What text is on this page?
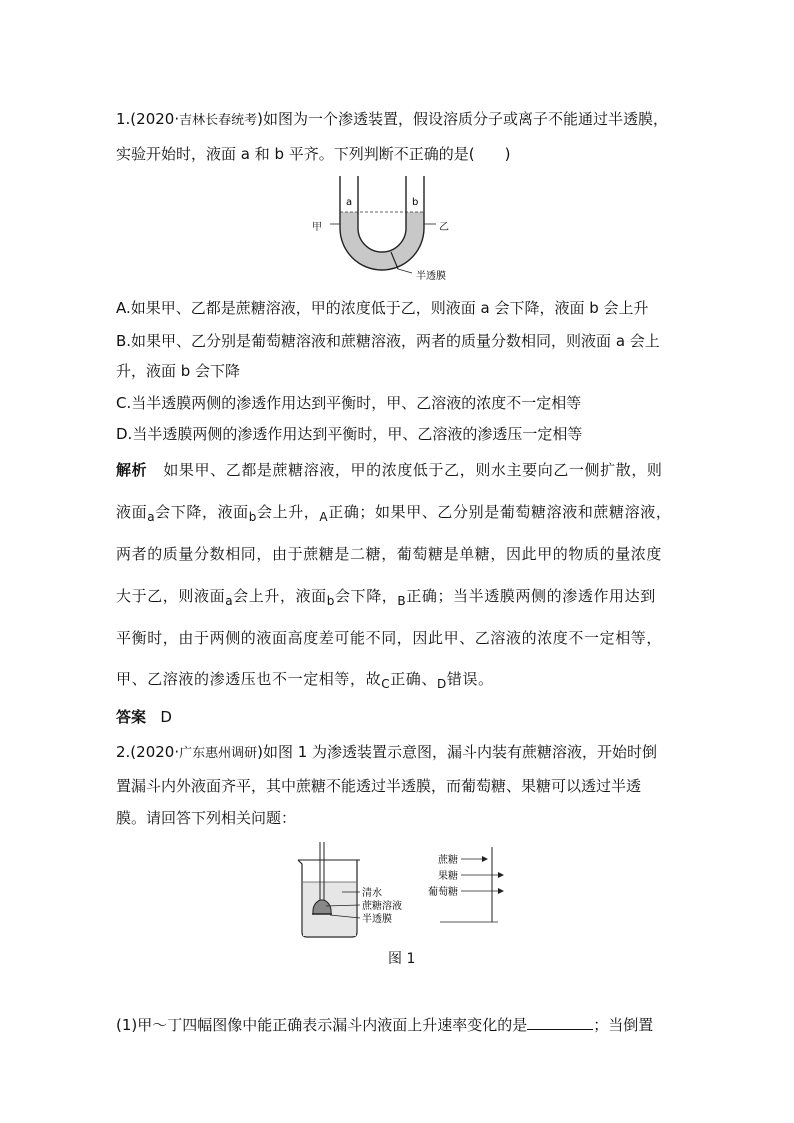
1.(2020·吉林长春统考)如图为一个渗透装置，假设溶质分子或离子不能通过半透膜，
实验开始时，液面 a 和 b 平齐。下列判断不正确的是(　　)
a	b
半透膜
甲	乙
A.如果甲、乙都是蔗糖溶液，甲的浓度低于乙，则液面 a 会下降，液面 b 会上升
B.如果甲、乙分别是葡萄糖溶液和蔗糖溶液，两者的质量分数相同，则液面 a 会上
升，液面 b 会下降
C.当半透膜两侧的渗透作用达到平衡时，甲、乙溶液的浓度不一定相等
D.当半透膜两侧的渗透作用达到平衡时，甲、乙溶液的渗透压一定相等
解析 如果甲、乙都是蔗糖溶液，甲的浓度低于乙，则水主要向乙一侧扩散，则
液面$_a$会下降，液面$_b$会上升，$_A$正确；如果甲、乙分别是葡萄糖溶液和蔗糖溶液，
两者的质量分数相同，由于蔗糖是二糖，葡萄糖是单糖，因此甲的物质的量浓度
大于乙，则液面$_a$会上升，液面$_b$会下降，$_B$正确；当半透膜两侧的渗透作用达到
平衡时，由于两侧的液面高度差可能不同，因此甲、乙溶液的浓度不一定相等，
甲、乙溶液的渗透压也不一定相等，故$_C$正确、$_D$错误。
答案 D
2.(2020·广东惠州调研)如图 1 为渗透装置示意图，漏斗内装有蔗糖溶液，开始时倒
置漏斗内外液面齐平，其中蔗糖不能透过半透膜，而葡萄糖、果糖可以透过半透
膜。请回答下列相关问题：
清水
蔗糖溶液
半透膜
蔗糖
果糖
葡萄糖
图 1
(1)甲～丁四幅图像中能正确表示漏斗内液面上升速率变化的是	；当倒置
